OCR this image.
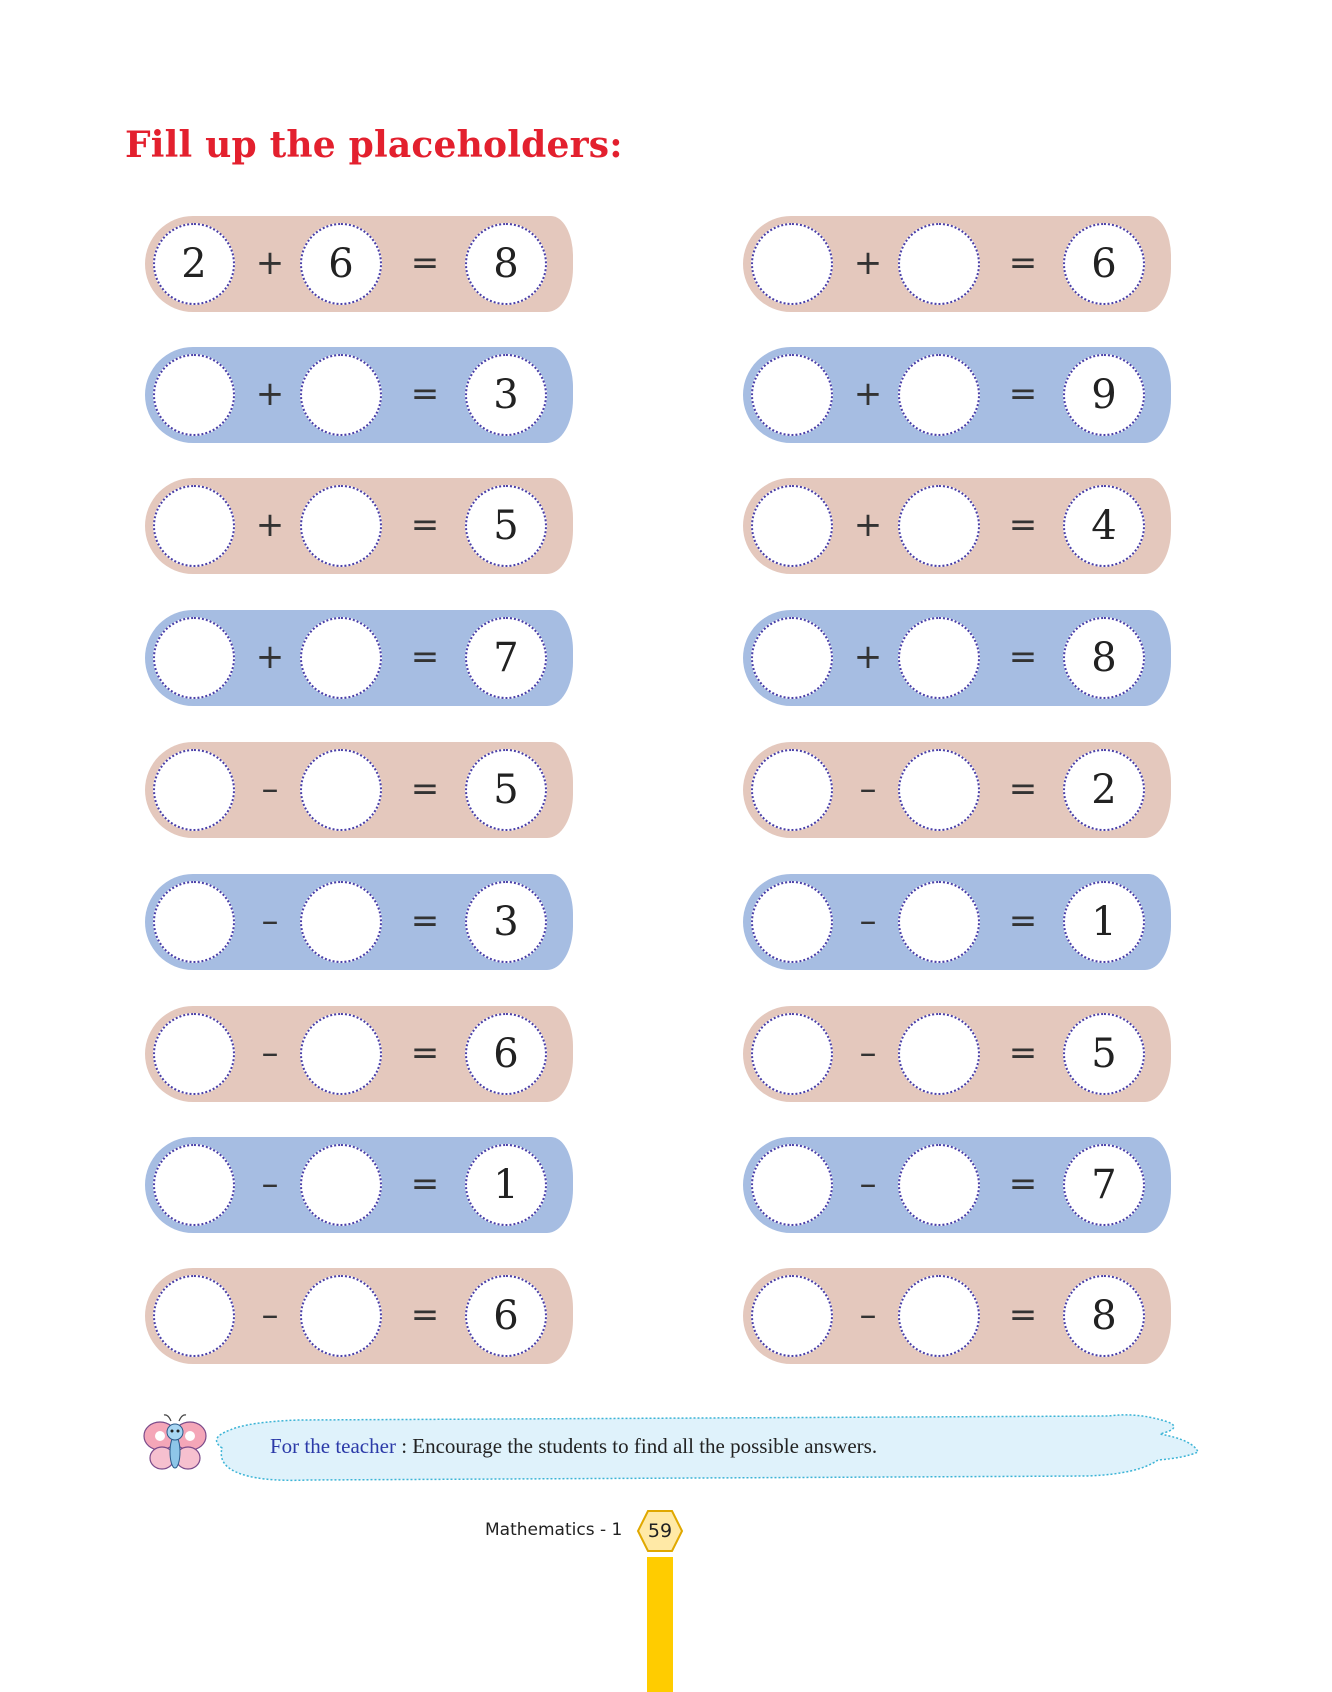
Fill up the placeholders:
2	+	6	=	8	+	=	6
+	=	3	+	=	9
+	=	5	+	=	4
+	=	7	+	=	8
–	=	5	–	=	2
–	=	3	–	=	1
–	=	6	–	=	5
–	=	1	–	=	7
–	=	6	–	=	8

For the teacher : Encourage the students to find all the possible answers.

Mathematics - 1	59
